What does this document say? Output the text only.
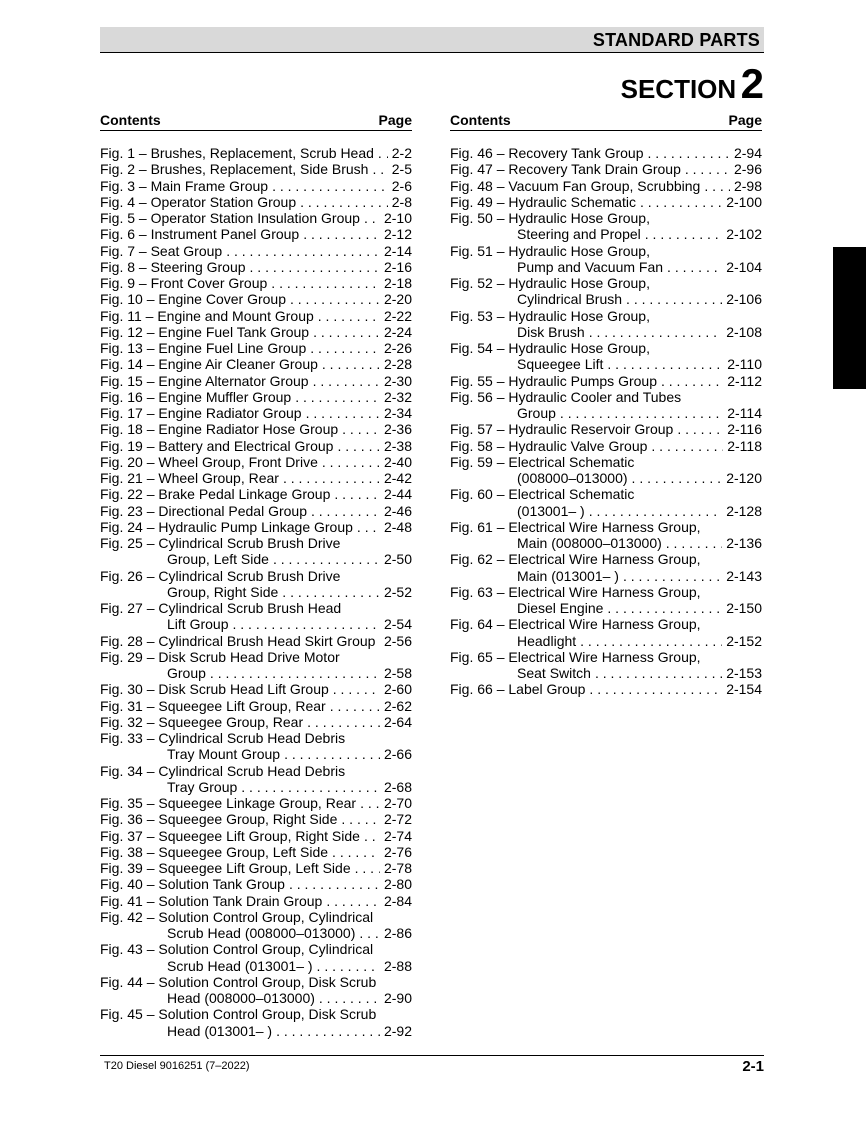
STANDARD PARTS
SECTION 2
Contents	Page	Contents	Page
Fig. 1 – Brushes, Replacement, Scrub Head . . . 2-2
Fig. 2 – Brushes, Replacement, Side Brush . . . 2-5
Fig. 3 – Main Frame Group . . .	2-6
Fig. 4 – Operator Station Group . . .	2-8
Fig. 5 – Operator Station Insulation Group . . . 2-10
Fig. 6 – Instrument Panel Group . . .	2-12
Fig. 7 – Seat Group . . .	2-14
Fig. 8 – Steering Group . . .	2-16
Fig. 9 – Front Cover Group . . .	2-18
Fig. 10 – Engine Cover Group . . .	2-20
Fig. 11 – Engine and Mount Group . . .	2-22
Fig. 12 – Engine Fuel Tank Group . . .	2-24
Fig. 13 – Engine Fuel Line Group . . .	2-26
Fig. 14 – Engine Air Cleaner Group . . .	2-28
Fig. 15 – Engine Alternator Group . . .	2-30
Fig. 16 – Engine Muffler Group . . .	2-32
Fig. 17 – Engine Radiator Group . . .	2-34
Fig. 18 – Engine Radiator Hose Group . . .	2-36
Fig. 19 – Battery and Electrical Group . . .	2-38
Fig. 20 – Wheel Group, Front Drive . . .	2-40
Fig. 21 – Wheel Group, Rear . . .	2-42
Fig. 22 – Brake Pedal Linkage Group . . .	2-44
Fig. 23 – Directional Pedal Group . . .	2-46
Fig. 24 – Hydraulic Pump Linkage Group . . . 2-48
Fig. 25 – Cylindrical Scrub Brush Drive
Group, Left Side . . .	2-50
Fig. 26 – Cylindrical Scrub Brush Drive
Group, Right Side . . .	2-52
Fig. 27 – Cylindrical Scrub Brush Head
Lift Group . . .	2-54
Fig. 28 – Cylindrical Brush Head Skirt Group . . . 2-56
Fig. 29 – Disk Scrub Head Drive Motor
Group . . .	2-58
Fig. 30 – Disk Scrub Head Lift Group . . .	2-60
Fig. 31 – Squeegee Lift Group, Rear . . .	2-62
Fig. 32 – Squeegee Group, Rear . . .	2-64
Fig. 33 – Cylindrical Scrub Head Debris
Tray Mount Group . . .	2-66
Fig. 34 – Cylindrical Scrub Head Debris
Tray Group . . .	2-68
Fig. 35 – Squeegee Linkage Group, Rear . . . 2-70
Fig. 36 – Squeegee Group, Right Side . . .	2-72
Fig. 37 – Squeegee Lift Group, Right Side . . . 2-74
Fig. 38 – Squeegee Group, Left Side . . .	2-76
Fig. 39 – Squeegee Lift Group, Left Side . . . 2-78
Fig. 40 – Solution Tank Group . . .	2-80
Fig. 41 – Solution Tank Drain Group . . .	2-84
Fig. 42 – Solution Control Group, Cylindrical
Scrub Head (008000–013000) . . . 2-86
Fig. 43 – Solution Control Group, Cylindrical
Scrub Head (013001– ) . . .	2-88
Fig. 44 – Solution Control Group, Disk Scrub
Head (008000–013000) . . .	2-90
Fig. 45 – Solution Control Group, Disk Scrub
Head (013001– ) . . .	2-92
Fig. 46 – Recovery Tank Group . . .	2-94
Fig. 47 – Recovery Tank Drain Group . . .	2-96
Fig. 48 – Vacuum Fan Group, Scrubbing . . . 2-98
Fig. 49 – Hydraulic Schematic . . .	2-100
Fig. 50 – Hydraulic Hose Group,
Steering and Propel . . .	2-102
Fig. 51 – Hydraulic Hose Group,
Pump and Vacuum Fan . . .	2-104
Fig. 52 – Hydraulic Hose Group,
Cylindrical Brush . . .	2-106
Fig. 53 – Hydraulic Hose Group,
Disk Brush . . .	2-108
Fig. 54 – Hydraulic Hose Group,
Squeegee Lift . . .	2-110
Fig. 55 – Hydraulic Pumps Group . . .	2-112
Fig. 56 – Hydraulic Cooler and Tubes
Group . . .	2-114
Fig. 57 – Hydraulic Reservoir Group . . .	2-116
Fig. 58 – Hydraulic Valve Group . . .	2-118
Fig. 59 – Electrical Schematic
(008000–013000) . . .	2-120
Fig. 60 – Electrical Schematic
(013001– ) . . .	2-128
Fig. 61 – Electrical Wire Harness Group,
Main (008000–013000) . . .	2-136
Fig. 62 – Electrical Wire Harness Group,
Main (013001– ) . . .	2-143
Fig. 63 – Electrical Wire Harness Group,
Diesel Engine . . .	2-150
Fig. 64 – Electrical Wire Harness Group,
Headlight . . .	2-152
Fig. 65 – Electrical Wire Harness Group,
Seat Switch . . .	2-153
Fig. 66 – Label Group . . .	2-154
T20 Diesel 9016251 (7–2022)	2-1
